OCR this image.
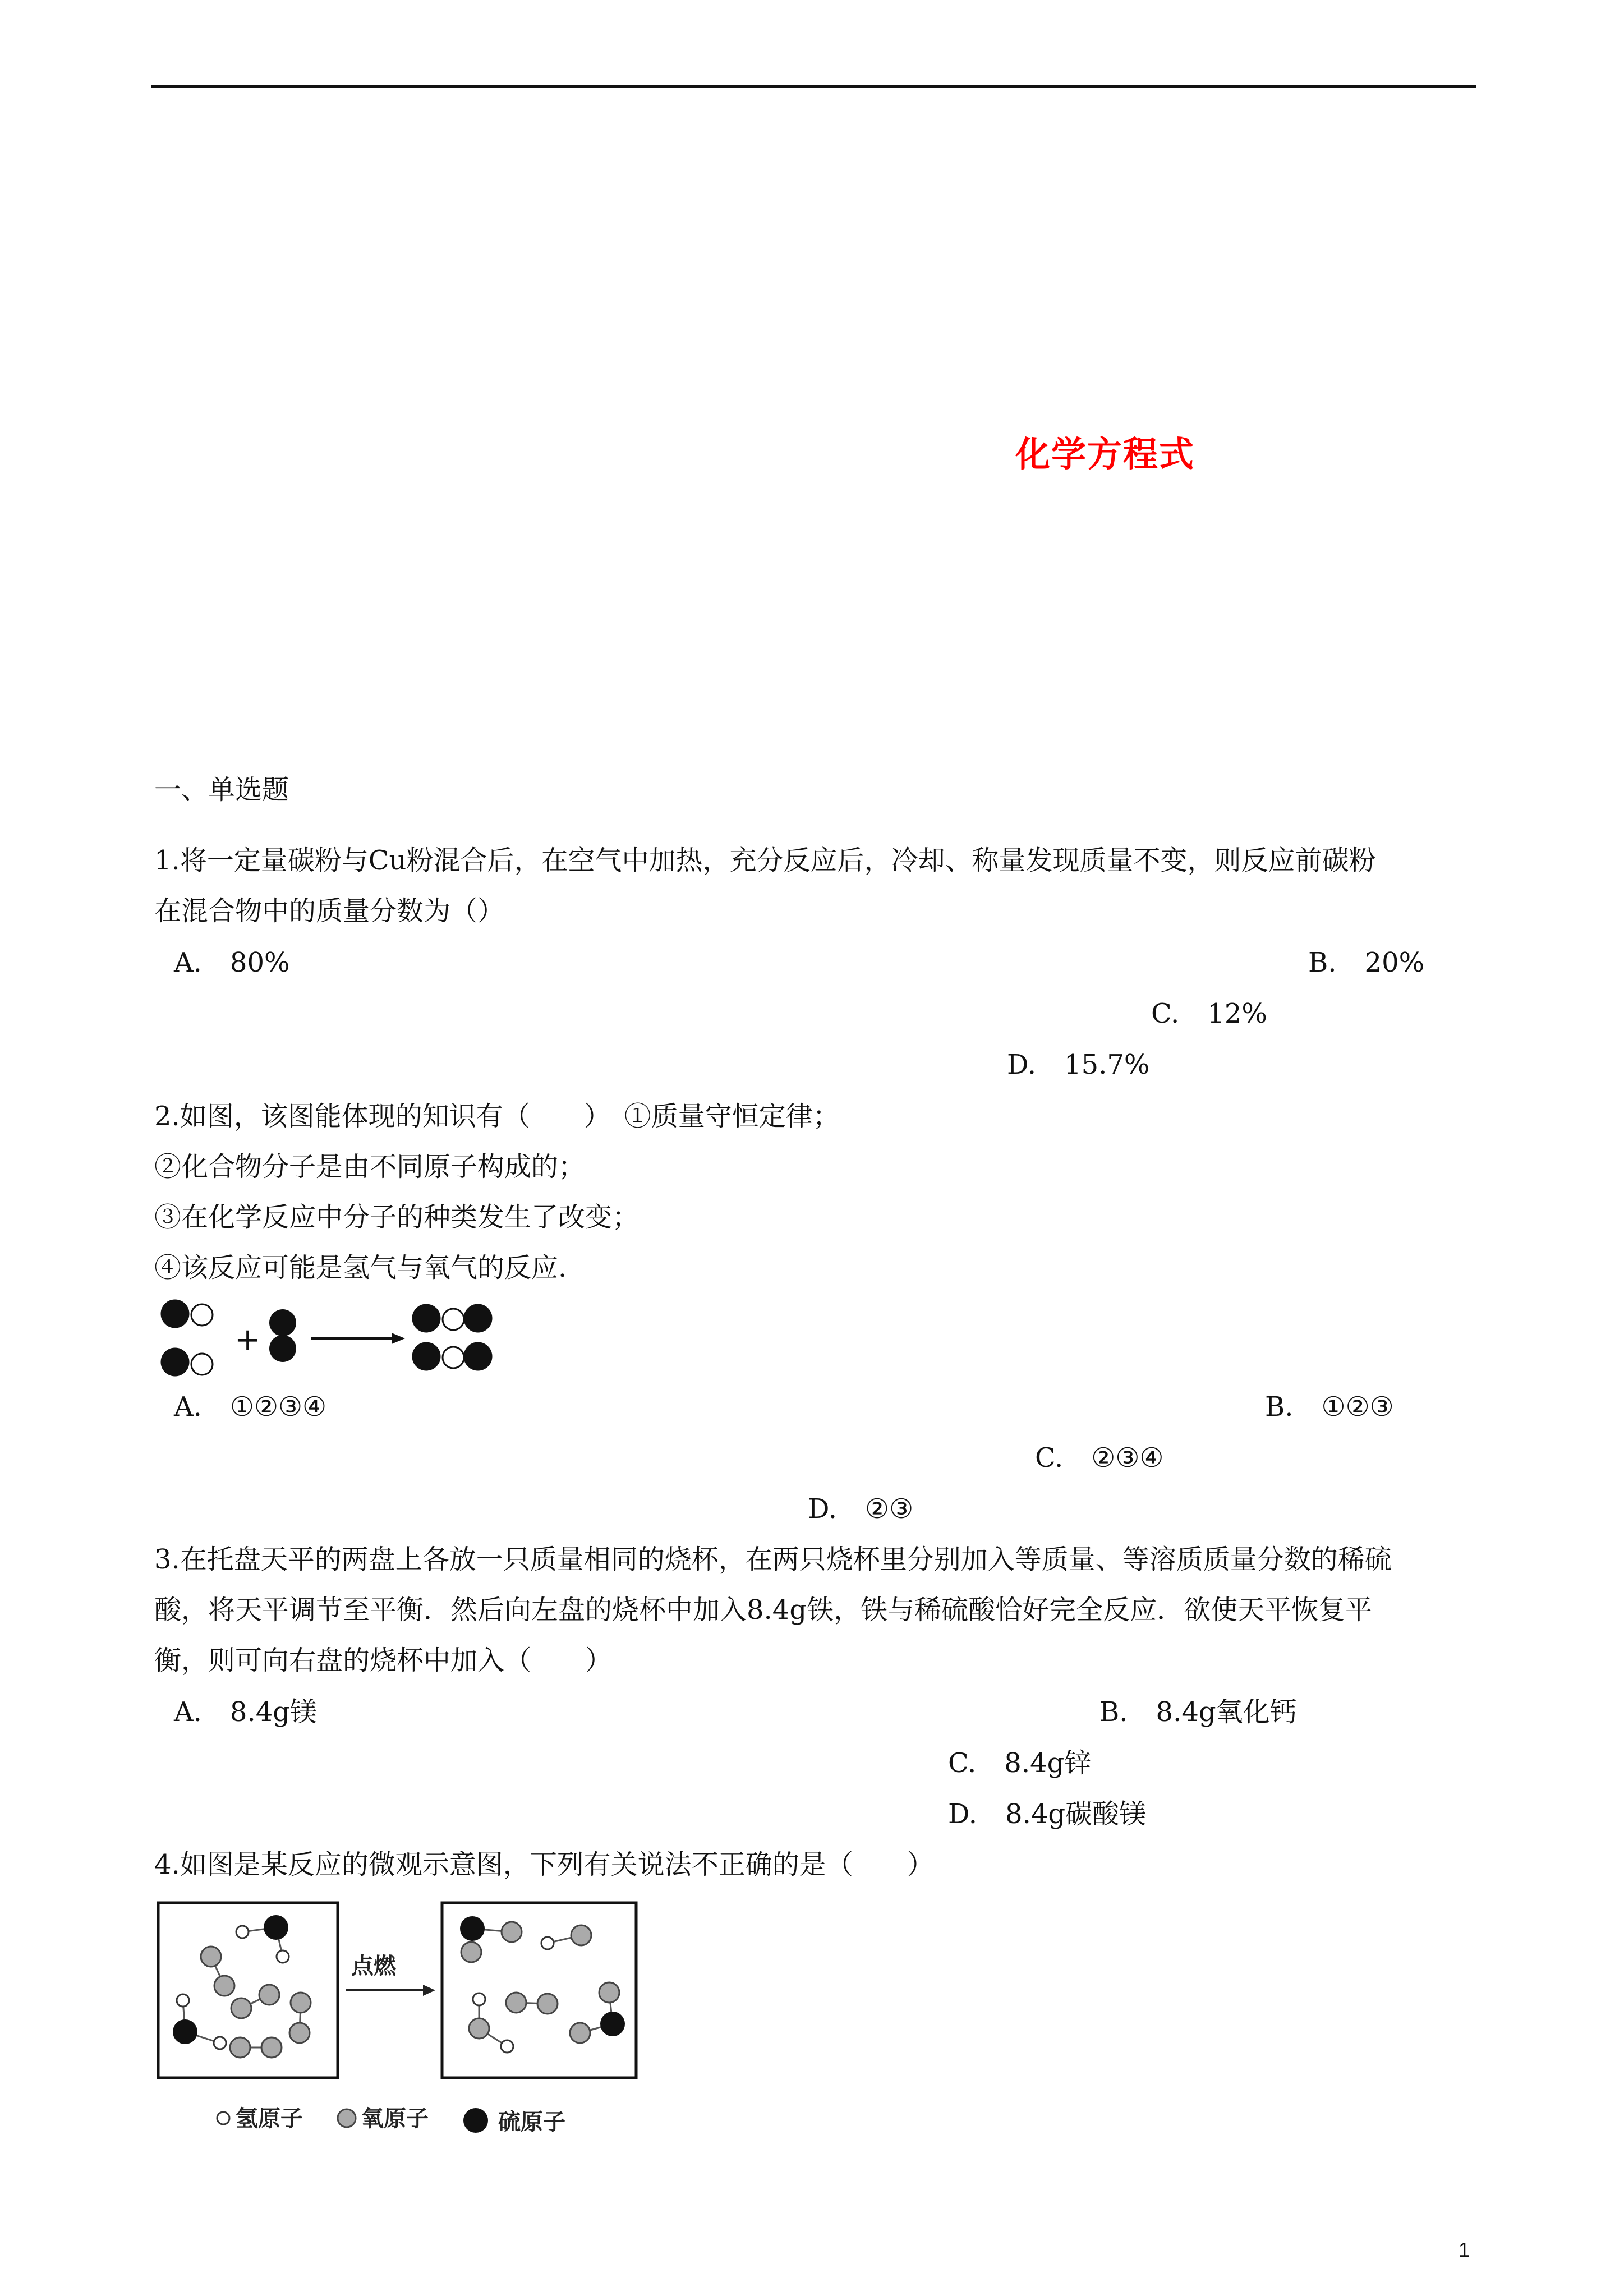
化学方程式
一、单选题
1.将一定量碳粉与Cu粉混合后，在空气中加热，充分反应后，冷却、称量发现质量不变，则反应前碳粉
在混合物中的质量分数为（）
A. 80%	B. 20%
C. 12%
D. 15.7%
2.如图，该图能体现的知识有（　　）　①质量守恒定律；
②化合物分子是由不同原子构成的；
③在化学反应中分子的种类发生了改变；
④该反应可能是氢气与氧气的反应.
+
A. ①②③④	B. ①②③
C. ②③④
D. ②③
3.在托盘天平的两盘上各放一只质量相同的烧杯，在两只烧杯里分别加入等质量、等溶质质量分数的稀硫
酸，将天平调节至平衡．然后向左盘的烧杯中加入8.4g铁，铁与稀硫酸恰好完全反应．欲使天平恢复平
衡，则可向右盘的烧杯中加入（　　）
A. 8.4g镁	B. 8.4g氧化钙
C. 8.4g锌
D. 8.4g碳酸镁
4.如图是某反应的微观示意图，下列有关说法不正确的是（　　）
点燃
氢原子	氧原子	硫原子
1
